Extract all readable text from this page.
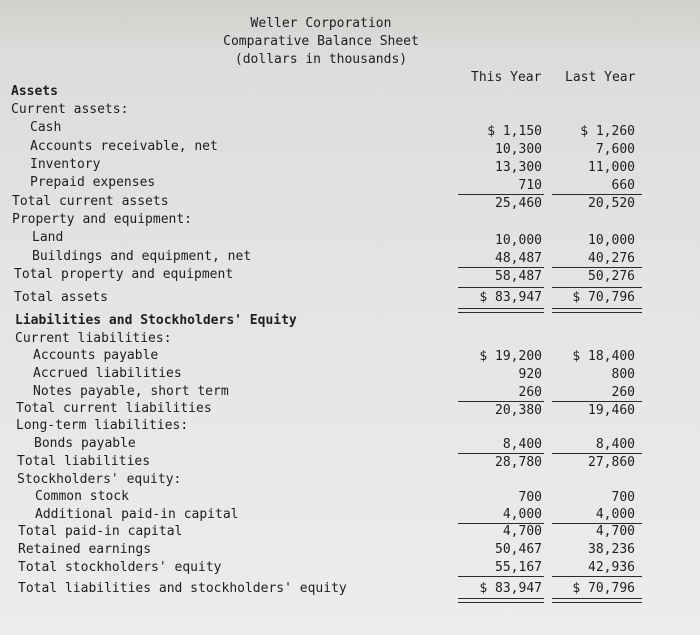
Weller Corporation
Comparative Balance Sheet
(dollars in thousands)
This Year Last Year
Assets
Current assets:
Cash
Accounts receivable, net
Inventory
Prepaid expenses
Total current assets
Property and equipment:
Land
Buildings and equipment, net
Total property and equipment
Total assets
Liabilities and Stockholders' Equity
Current liabilities:
Accounts payable
Accrued liabilities
Notes payable, short term
Total current liabilities
Long-term liabilities:
Bonds payable
Total liabilities
Stockholders' equity:
Common stock
Additional paid-in capital
Total paid-in capital
Retained earnings
Total stockholders' equity
Total liabilities and stockholders' equity
$ 1,150
10,300
13,300
710
25,460
10,000
48,487
58,487
$ 83,947
$ 19,200
920
260
20,380
8,400
28,780
700
4,000
4,700
50,467
55,167
$ 83,947
$ 1,260
7,600
11,000
660
20,520
10,000
40,276
50,276
$ 70,796
$ 18,400
800
260
19,460
8,400
27,860
700
4,000
4,700
38,236
42,936
$ 70,796
